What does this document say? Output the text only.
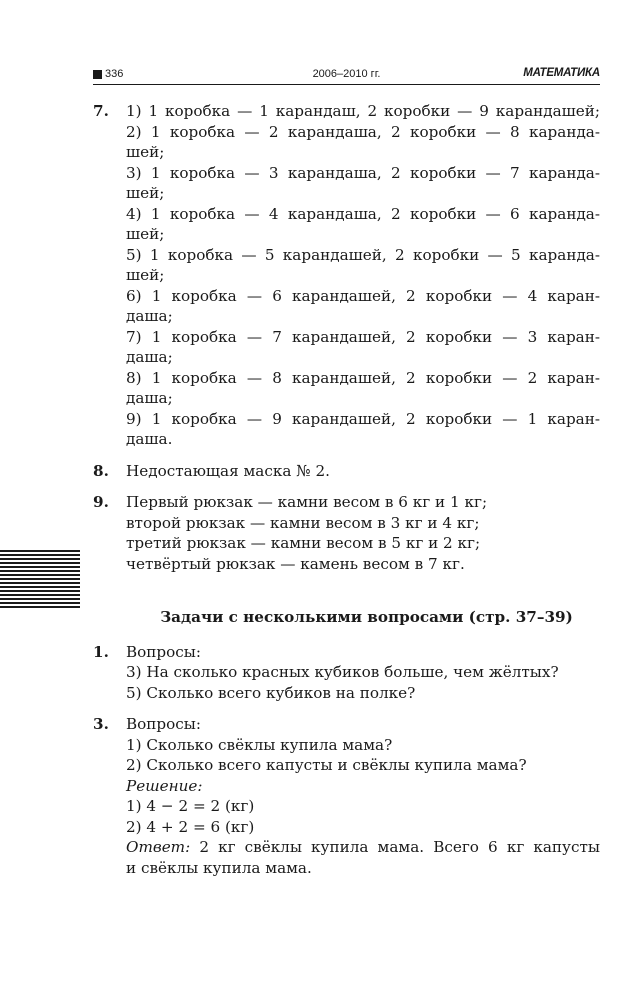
336	2006–2010 гг.	МАТЕМАТИКА
7. 1) 1 коробка — 1 карандаш, 2 коробки — 9 карандашей;
2) 1 коробка — 2 карандаша, 2 коробки — 8 каранда-
шей;
3) 1 коробка — 3 карандаша, 2 коробки — 7 каранда-
шей;
4) 1 коробка — 4 карандаша, 2 коробки — 6 каранда-
шей;
5) 1 коробка — 5 карандашей, 2 коробки — 5 каранда-
шей;
6) 1 коробка — 6 карандашей, 2 коробки — 4 каран-
даша;
7) 1 коробка — 7 карандашей, 2 коробки — 3 каран-
даша;
8) 1 коробка — 8 карандашей, 2 коробки — 2 каран-
даша;
9) 1 коробка — 9 карандашей, 2 коробки — 1 каран-
даша.
8. Недостающая маска № 2.
9. Первый рюкзак — камни весом в 6 кг и 1 кг;
второй рюкзак — камни весом в 3 кг и 4 кг;
третий рюкзак — камни весом в 5 кг и 2 кг;
четвёртый рюкзак — камень весом в 7 кг.
Задачи с несколькими вопросами (стр. 37–39)
1. Вопросы:
3) На сколько красных кубиков больше, чем жёлтых?
5) Сколько всего кубиков на полке?
3. Вопросы:
1) Сколько свёклы купила мама?
2) Сколько всего капусты и свёклы купила мама?
Решение:
1) 4 − 2 = 2 (кг)
2) 4 + 2 = 6 (кг)
Ответ: 2 кг свёклы купила мама. Всего 6 кг капусты
и свёклы купила мама.
